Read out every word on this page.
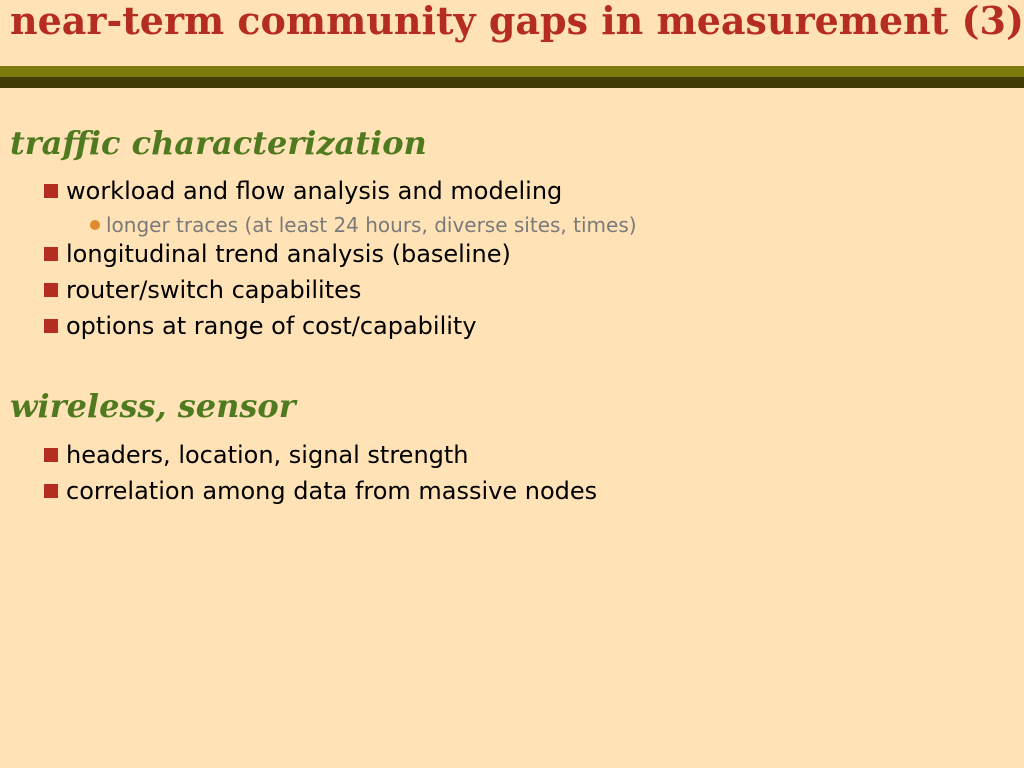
near-term community gaps in measurement (3)
traffic characterization
workload and flow analysis and modeling
longer traces (at least 24 hours, diverse sites, times)
longitudinal trend analysis (baseline)
router/switch capabilites
options at range of cost/capability
wireless, sensor
headers, location, signal strength
correlation among data from massive nodes
